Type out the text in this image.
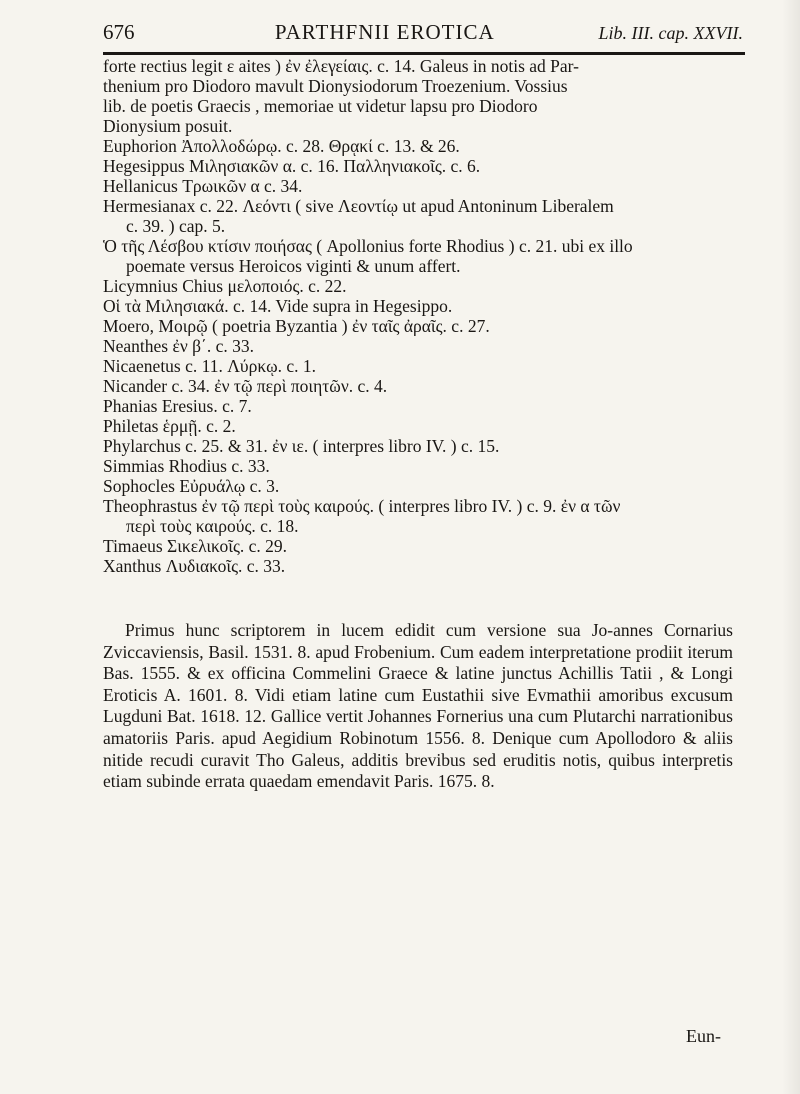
676	PARTHFNII EROTICA	Lib. III. cap. XXVII.
forte rectius legit ε aites ) ἐν ἐλεγείαις. c. 14. Galeus in notis ad Par-
thenium pro Diodoro mavult Dionysiodorum Troezenium. Vossius
lib. de poetis Graecis , memoriae ut videtur lapsu pro Diodoro
Dionysium posuit.
Euphorion Ἀπολλοδώρῳ. c. 28. Θρᾳκί c. 13. & 26.
Hegesippus Μιλησιακῶν α. c. 16. Παλληνιακοῖς. c. 6.
Hellanicus Τρωικῶν α c. 34.
Hermesianax c. 22. Λεόντι ( sive Λεοντίῳ ut apud Antoninum Liberalem
c. 39. ) cap. 5.
Ὁ τῆς Λέσβου κτίσιν ποιήσας ( Apollonius forte Rhodius ) c. 21. ubi ex illo
poemate versus Heroicos viginti & unum affert.
Licymnius Chius μελοποιός. c. 22.
Οἱ τὰ Μιλησιακά. c. 14. Vide supra in Hegesippo.
Moero, Μοιρῷ ( poetria Byzantia ) ἐν ταῖς ἀραῖς. c. 27.
Neanthes ἐν β΄. c. 33.
Nicaenetus c. 11. Λύρκῳ. c. 1.
Nicander c. 34. ἐν τῷ περὶ ποιητῶν. c. 4.
Phanias Eresius. c. 7.
Philetas ἑρμῇ. c. 2.
Phylarchus c. 25. & 31. ἐν ιε. ( interpres libro IV. ) c. 15.
Simmias Rhodius c. 33.
Sophocles Εὐρυάλῳ c. 3.
Theophrastus ἐν τῷ περὶ τοὺς καιρούς. ( interpres libro IV. ) c. 9. ἐν α τῶν
περὶ τοὺς καιρούς. c. 18.
Timaeus Σικελικοῖς. c. 29.
Xanthus Λυδιακοῖς. c. 33.
Primus hunc scriptorem in lucem edidit cum versione sua Jo-annes Cornarius Zviccaviensis, Basil. 1531. 8. apud Frobenium. Cum eadem interpretatione prodiit iterum Bas. 1555. & ex officina Commelini Graece & latine junctus Achillis Tatii , & Longi Eroticis A. 1601. 8. Vidi etiam latine cum Eustathii sive Evmathii amoribus excusum Lugduni Bat. 1618. 12. Gallice vertit Johannes Fornerius una cum Plutarchi narrationibus amatoriis Paris. apud Aegidium Robinotum 1556. 8. Denique cum Apollodoro & aliis nitide recudi curavit Tho Galeus, additis brevibus sed eruditis notis, quibus interpretis etiam subinde errata quaedam emendavit Paris. 1675. 8.
Eun-
